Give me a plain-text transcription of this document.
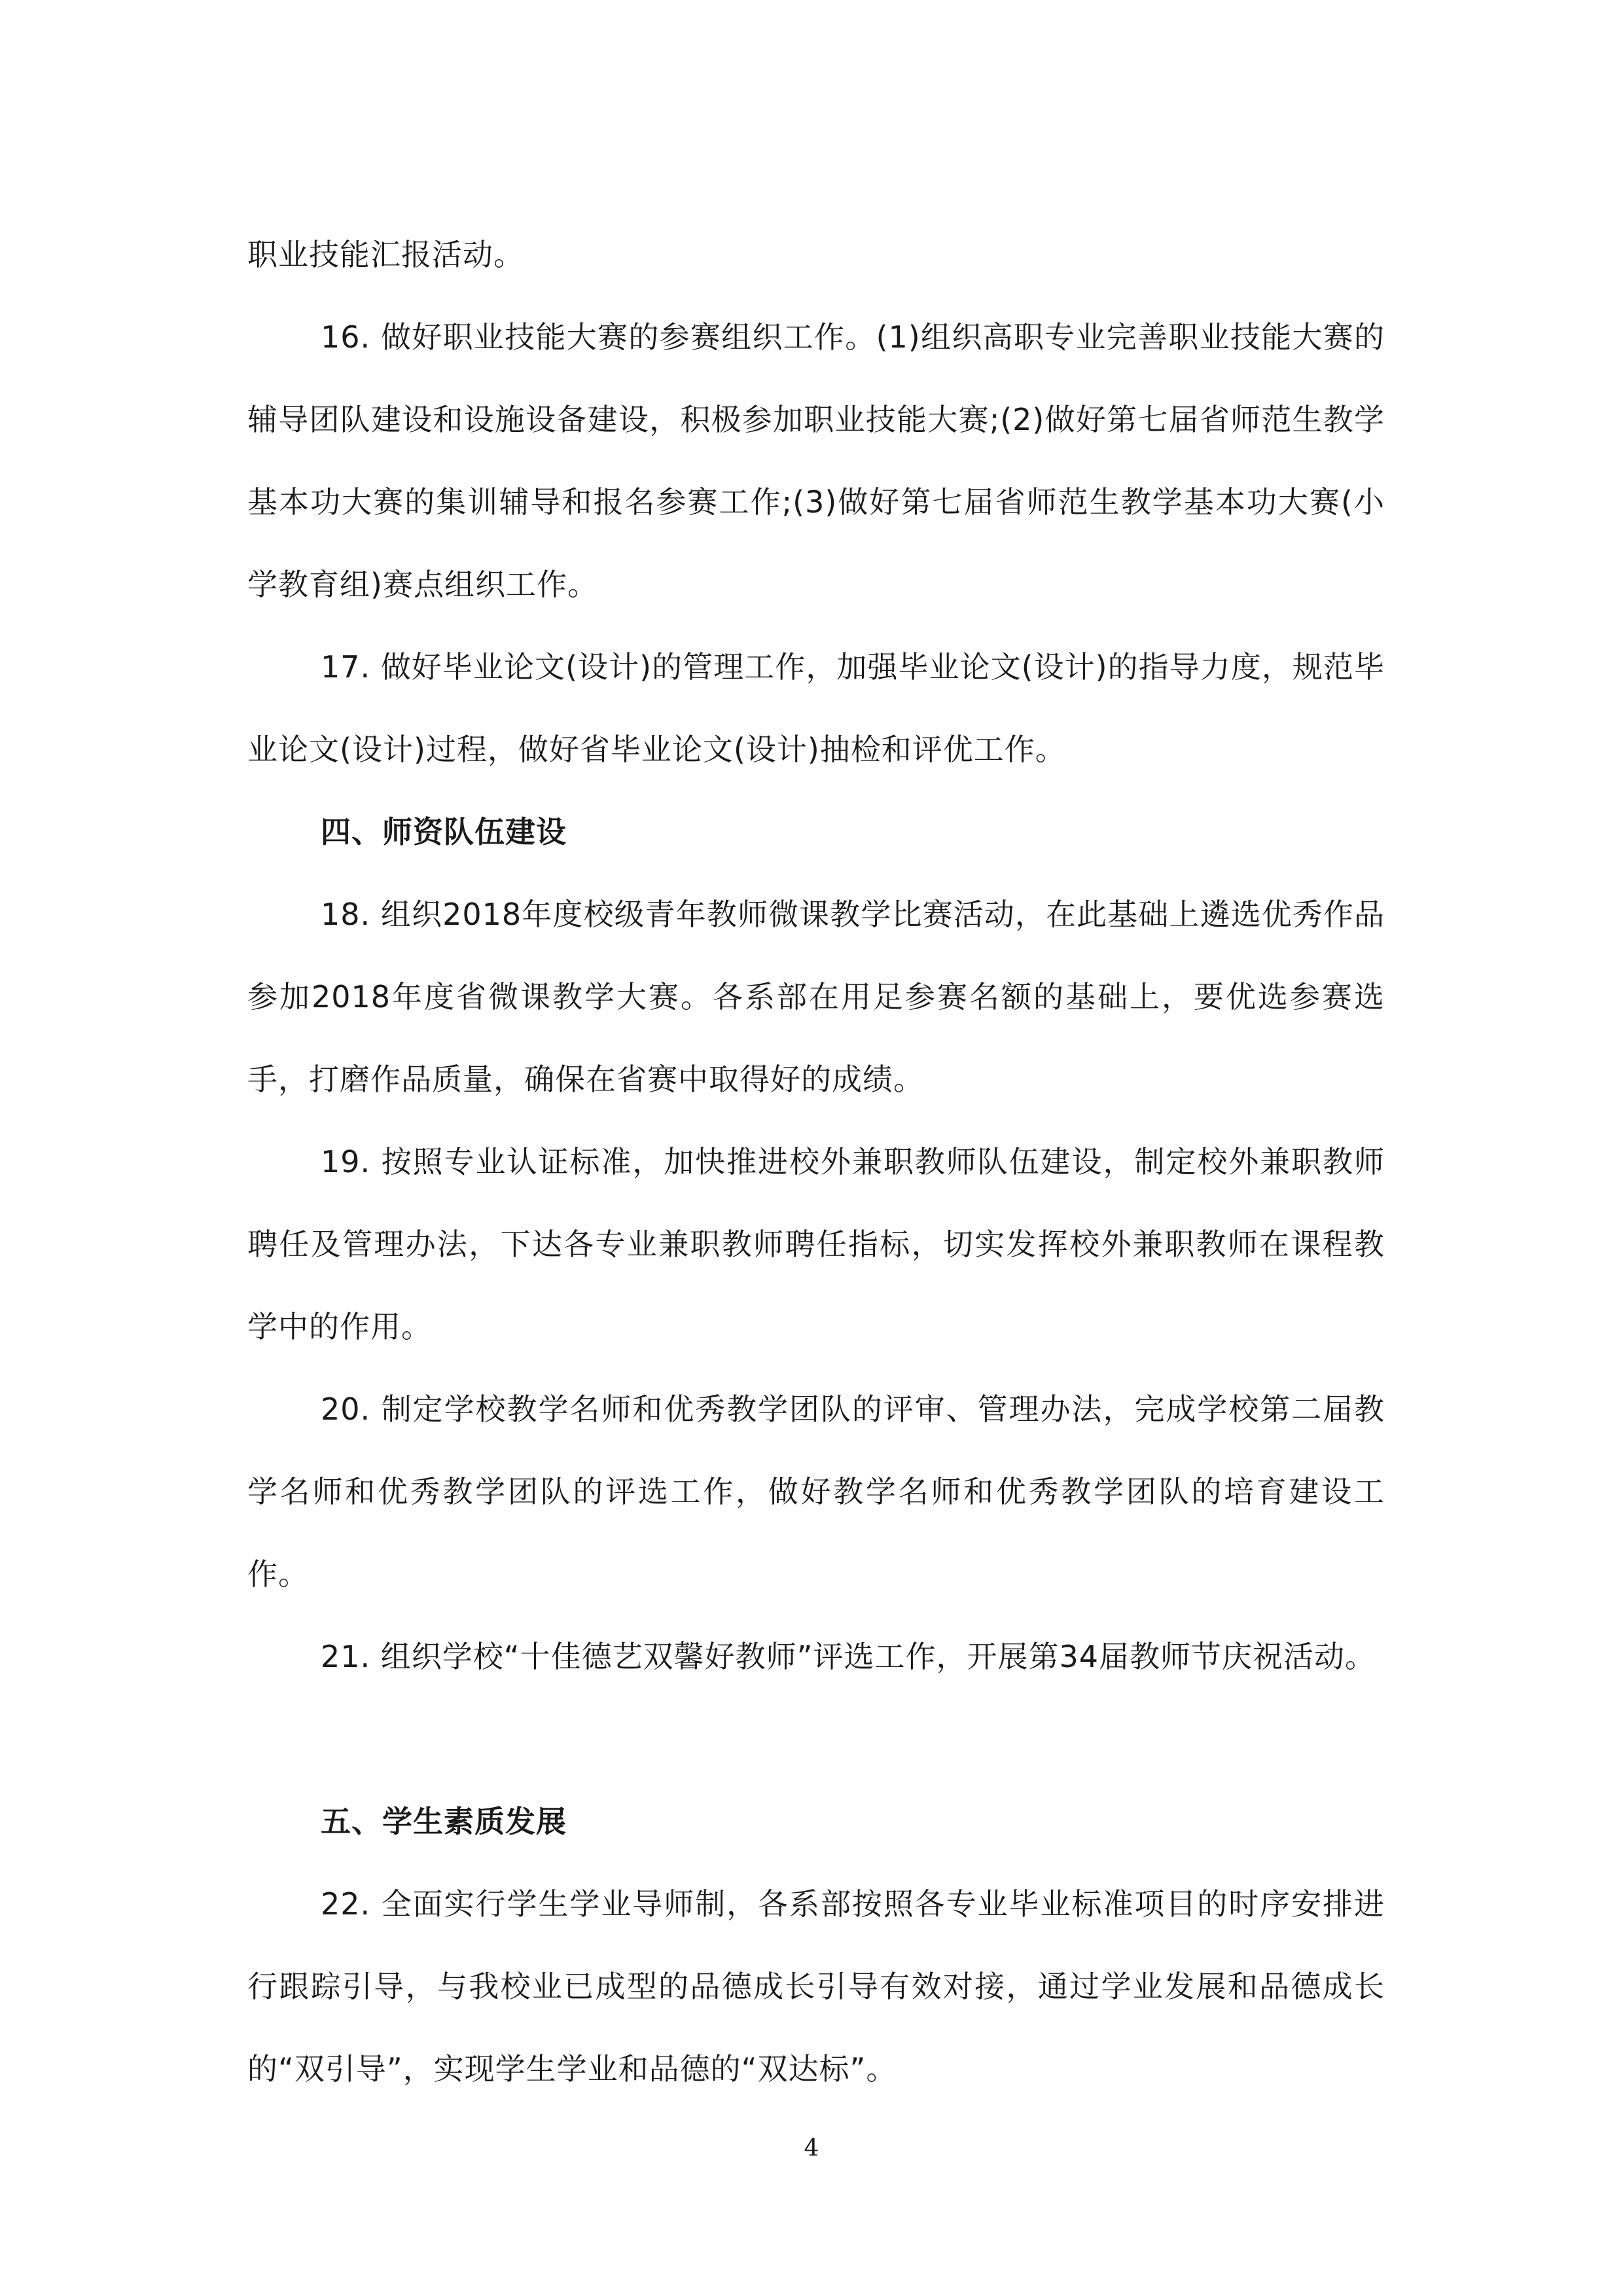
职业技能汇报活动。

16. 做好职业技能大赛的参赛组织工作。(1)组织高职专业完善职业技能大赛的辅导团队建设和设施设备建设，积极参加职业技能大赛;(2)做好第七届省师范生教学基本功大赛的集训辅导和报名参赛工作;(3)做好第七届省师范生教学基本功大赛(小学教育组)赛点组织工作。

17. 做好毕业论文(设计)的管理工作，加强毕业论文(设计)的指导力度，规范毕业论文(设计)过程，做好省毕业论文(设计)抽检和评优工作。

四、师资队伍建设

18. 组织2018年度校级青年教师微课教学比赛活动，在此基础上遴选优秀作品参加2018年度省微课教学大赛。各系部在用足参赛名额的基础上，要优选参赛选手，打磨作品质量，确保在省赛中取得好的成绩。

19. 按照专业认证标准，加快推进校外兼职教师队伍建设，制定校外兼职教师聘任及管理办法，下达各专业兼职教师聘任指标，切实发挥校外兼职教师在课程教学中的作用。

20. 制定学校教学名师和优秀教学团队的评审、管理办法，完成学校第二届教学名师和优秀教学团队的评选工作，做好教学名师和优秀教学团队的培育建设工作。

21. 组织学校“十佳德艺双馨好教师”评选工作，开展第34届教师节庆祝活动。

五、学生素质发展

22. 全面实行学生学业导师制，各系部按照各专业毕业标准项目的时序安排进行跟踪引导，与我校业已成型的品德成长引导有效对接，通过学业发展和品德成长的“双引导”，实现学生学业和品德的“双达标”。

4
